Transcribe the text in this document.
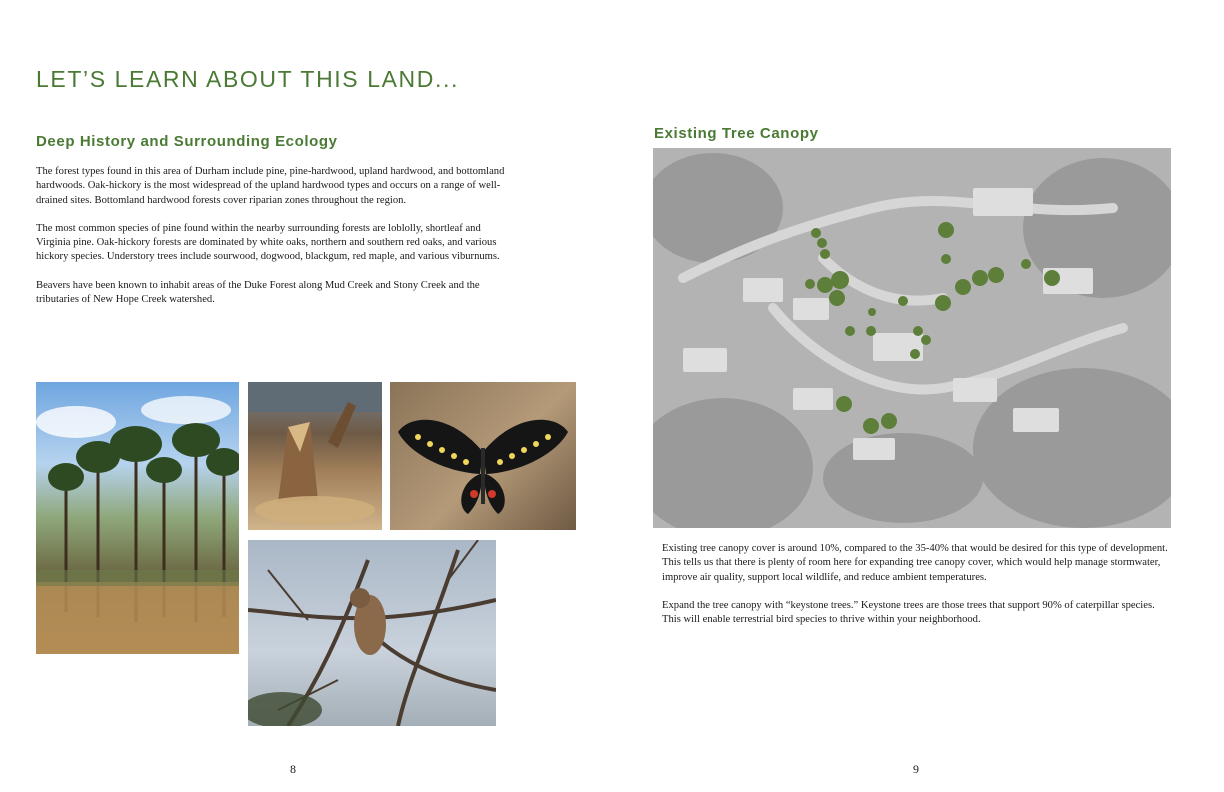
LET’S LEARN ABOUT THIS LAND...
Deep History and Surrounding Ecology

The forest types found in this area of Durham include pine, pine-hardwood, upland hardwood, and bottomland hardwoods. Oak-hickory is the most widespread of the upland hardwood types and occurs on a range of well-drained sites. Bottomland hardwood forests cover riparian zones throughout the region.

The most common species of pine found within the nearby surrounding forests are loblolly, shortleaf and Virginia pine. Oak-hickory forests are dominated by white oaks, northern and southern red oaks, and various hickory species. Understory trees include sourwood, dogwood, blackgum, red maple, and various viburnums.

Beavers have been known to inhabit areas of the Duke Forest along Mud Creek and Stony Creek and the tributaries of New Hope Creek watershed.

Existing Tree Canopy

Existing tree canopy cover is around 10%, compared to the 35-40% that would be desired for this type of development. This tells us that there is plenty of room here for expanding tree canopy cover, which would help manage stormwater, improve air quality, support local wildlife, and reduce ambient temperatures.

Expand the tree canopy with “keystone trees.” Keystone trees are those trees that support 90% of caterpillar species. This will enable terrestrial bird species to thrive within your neighborhood.

8	9
